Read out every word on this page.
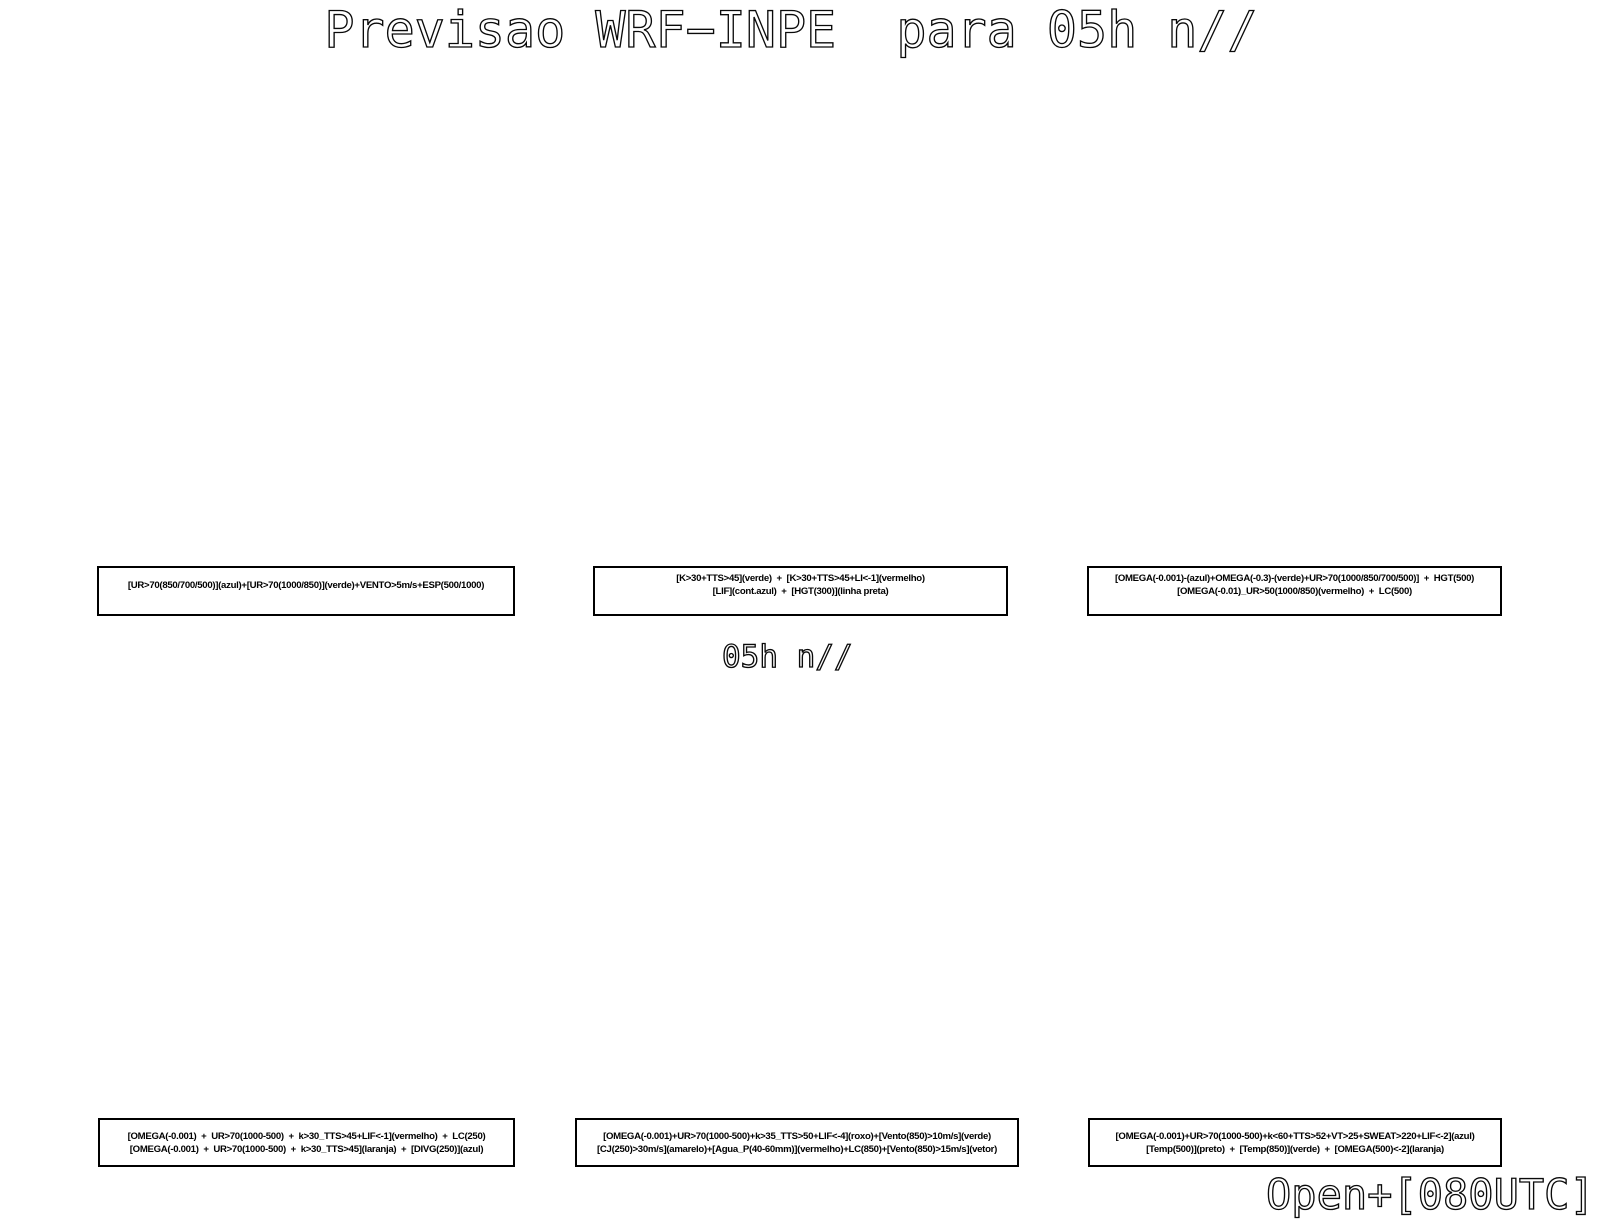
Previsao WRF−INPE  para 05h n//
[UR>70(850/700/500)](azul)+[UR>70(1000/850)](verde)+VENTO>5m/s+ESP(500/1000)
[K>30+TTS>45](verde)  +  [K>30+TTS>45+LI<-1](vermelho)
[LIF](cont.azul)  +  [HGT(300)](linha preta)
[OMEGA(-0.001)-(azul)+OMEGA(-0.3)-(verde)+UR>70(1000/850/700/500)]  +  HGT(500)
[OMEGA(-0.01)_UR>50(1000/850)(vermelho)  +  LC(500)
05h n//
[OMEGA(-0.001)  +  UR>70(1000-500)  +  k>30_TTS>45+LIF<-1](vermelho)  +  LC(250)
[OMEGA(-0.001)  +  UR>70(1000-500)  +  k>30_TTS>45](laranja)  +  [DIVG(250)](azul)
[OMEGA(-0.001)+UR>70(1000-500)+k>35_TTS>50+LIF<-4](roxo)+[Vento(850)>10m/s](verde)
[CJ(250)>30m/s](amarelo)+[Agua_P(40-60mm)](vermelho)+LC(850)+[Vento(850)>15m/s](vetor)
[OMEGA(-0.001)+UR>70(1000-500)+k<60+TTS>52+VT>25+SWEAT>220+LIF<-2](azul)
[Temp(500)](preto)  +  [Temp(850)](verde)  +  [OMEGA(500)<-2](laranja)
Open+[080UTC]
